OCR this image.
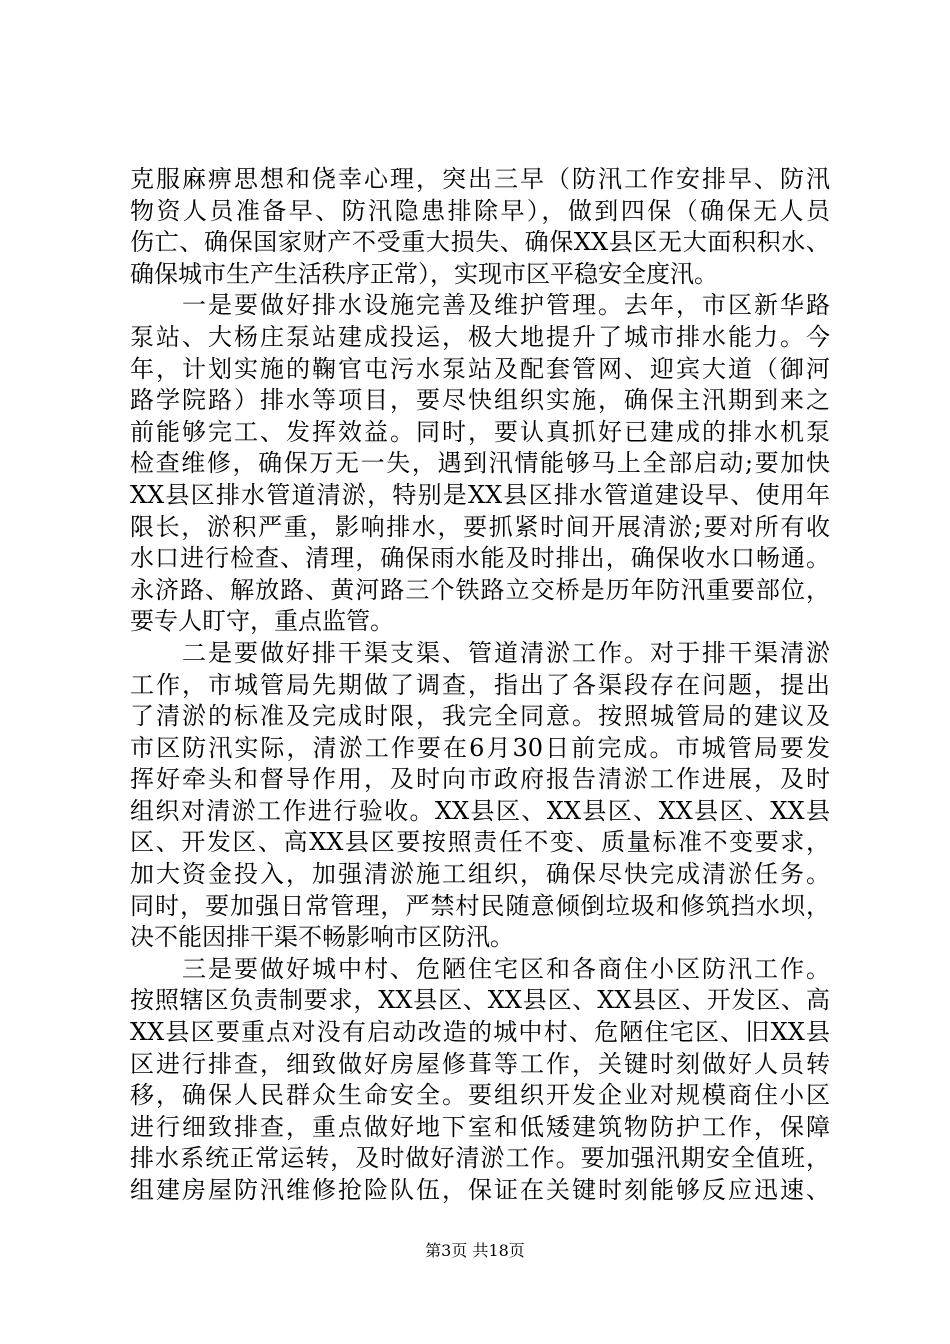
克服麻痹思想和侥幸心理，突出三早（防汛工作安排早、防汛
物资人员准备早、防汛隐患排除早），做到四保（确保无人员
伤亡、确保国家财产不受重大损失、确保XX县区无大面积积水、
确保城市生产生活秩序正常），实现市区平稳安全度汛。
　　一是要做好排水设施完善及维护管理。去年，市区新华路
泵站、大杨庄泵站建成投运，极大地提升了城市排水能力。今
年，计划实施的鞠官屯污水泵站及配套管网、迎宾大道（御河
路学院路）排水等项目，要尽快组织实施，确保主汛期到来之
前能够完工、发挥效益。同时，要认真抓好已建成的排水机泵
检查维修，确保万无一失，遇到汛情能够马上全部启动;要加快
XX县区排水管道清淤，特别是XX县区排水管道建设早、使用年
限长，淤积严重，影响排水，要抓紧时间开展清淤;要对所有收
水口进行检查、清理，确保雨水能及时排出，确保收水口畅通。
永济路、解放路、黄河路三个铁路立交桥是历年防汛重要部位，
要专人盯守，重点监管。
　　二是要做好排干渠支渠、管道清淤工作。对于排干渠清淤
工作，市城管局先期做了调查，指出了各渠段存在问题，提出
了清淤的标准及完成时限，我完全同意。按照城管局的建议及
市区防汛实际，清淤工作要在6月30日前完成。市城管局要发
挥好牵头和督导作用，及时向市政府报告清淤工作进展，及时
组织对清淤工作进行验收。XX县区、XX县区、XX县区、XX县
区、开发区、高XX县区要按照责任不变、质量标准不变要求，
加大资金投入，加强清淤施工组织，确保尽快完成清淤任务。
同时，要加强日常管理，严禁村民随意倾倒垃圾和修筑挡水坝，
决不能因排干渠不畅影响市区防汛。
　　三是要做好城中村、危陋住宅区和各商住小区防汛工作。
按照辖区负责制要求，XX县区、XX县区、XX县区、开发区、高
XX县区要重点对没有启动改造的城中村、危陋住宅区、旧XX县
区进行排查，细致做好房屋修葺等工作，关键时刻做好人员转
移，确保人民群众生命安全。要组织开发企业对规模商住小区
进行细致排查，重点做好地下室和低矮建筑物防护工作，保障
排水系统正常运转，及时做好清淤工作。要加强汛期安全值班，
组建房屋防汛维修抢险队伍，保证在关键时刻能够反应迅速、
第3页 共18页
